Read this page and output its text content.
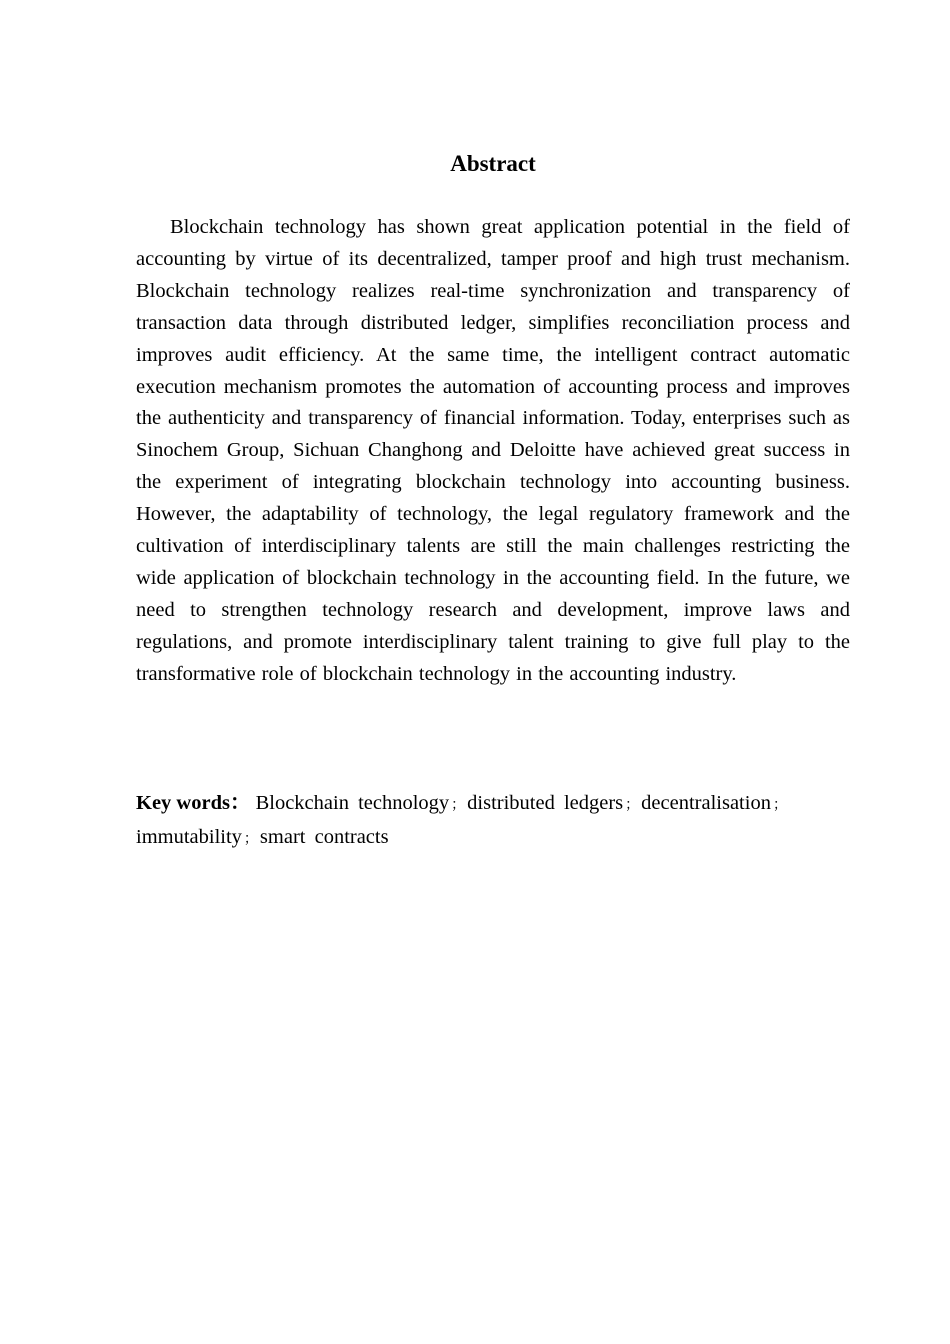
Abstract

Blockchain technology has shown great application potential in the field of accounting by virtue of its decentralized, tamper proof and high trust mechanism. Blockchain technology realizes real-time synchronization and transparency of transaction data through distributed ledger, simplifies reconciliation process and improves audit efficiency. At the same time, the intelligent contract automatic execution mechanism promotes the automation of accounting process and improves the authenticity and transparency of financial information. Today, enterprises such as Sinochem Group, Sichuan Changhong and Deloitte have achieved great success in the experiment of integrating blockchain technology into accounting business. However, the adaptability of technology, the legal regulatory framework and the cultivation of interdisciplinary talents are still the main challenges restricting the wide application of blockchain technology in the accounting field. In the future, we need to strengthen technology research and development, improve laws and regulations, and promote interdisciplinary talent training to give full play to the transformative role of blockchain technology in the accounting industry.

Key words： Blockchain technology ；distributed ledgers ；decentralisation ；
immutability ；smart contracts
